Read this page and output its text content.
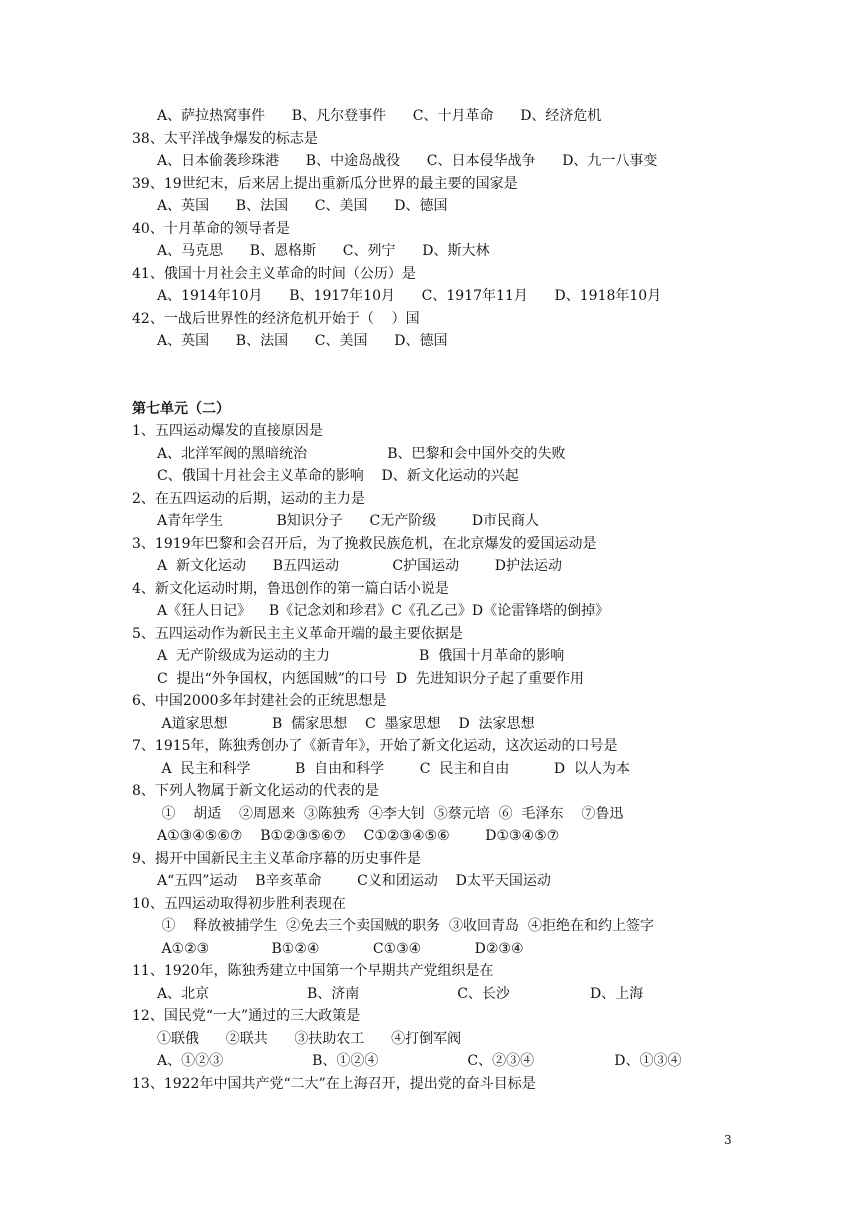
A、萨拉热窝事件      B、凡尔登事件      C、十月革命      D、经济危机
38、太平洋战争爆发的标志是
A、日本偷袭珍珠港      B、中途岛战役      C、日本侵华战争      D、九一八事变
39、19世纪末，后来居上提出重新瓜分世界的最主要的国家是
A、英国      B、法国      C、美国      D、德国
40、十月革命的领导者是
A、马克思      B、恩格斯      C、列宁      D、斯大林
41、俄国十月社会主义革命的时间（公历）是
A、1914年10月      B、1917年10月      C、1917年11月      D、1918年10月
42、一战后世界性的经济危机开始于（    ）国
A、英国      B、法国      C、美国      D、德国
第七单元（二）
1、五四运动爆发的直接原因是
A、北洋军阀的黑暗统治                  B、巴黎和会中国外交的失败
C、俄国十月社会主义革命的影响    D、新文化运动的兴起
2、在五四运动的后期，运动的主力是
A青年学生            B知识分子      C无产阶级        D市民商人
3、1919年巴黎和会召开后，为了挽救民族危机，在北京爆发的爱国运动是
A  新文化运动      B五四运动            C护国运动        D护法运动
4、新文化运动时期，鲁迅创作的第一篇白话小说是
A《狂人日记》    B《记念刘和珍君》C《孔乙己》D《论雷锋塔的倒掉》
5、五四运动作为新民主主义革命开端的最主要依据是
A  无产阶级成为运动的主力                    B  俄国十月革命的影响
C  提出“外争国权，内惩国贼”的口号  D  先进知识分子起了重要作用
6、中国2000多年封建社会的正统思想是
A道家思想          B  儒家思想    C  墨家思想    D  法家思想
7、1915年，陈独秀创办了《新青年》，开始了新文化运动，这次运动的口号是
A  民主和科学          B  自由和科学        C  民主和自由          D  以人为本
8、下列人物属于新文化运动的代表的是
①    胡适    ②周恩来  ③陈独秀  ④李大钊  ⑤蔡元培  ⑥  毛泽东    ⑦鲁迅
A①③④⑤⑥⑦    B①②③⑤⑥⑦    C①②③④⑤⑥        D①③④⑤⑦
9、揭开中国新民主主义革命序幕的历史事件是
A“五四”运动    B辛亥革命        C义和团运动    D太平天国运动
10、五四运动取得初步胜利表现在
①    释放被捕学生  ②免去三个卖国贼的职务  ③收回青岛  ④拒绝在和约上签字
A①②③              B①②④            C①③④            D②③④
11、1920年，陈独秀建立中国第一个早期共产党组织是在
A、北京                      B、济南                      C、长沙                  D、上海
12、国民党“一大”通过的三大政策是
①联俄      ②联共      ③扶助农工      ④打倒军阀
A、①②③                    B、①②④                    C、②③④                  D、①③④
13、1922年中国共产党“二大”在上海召开，提出党的奋斗目标是
3
